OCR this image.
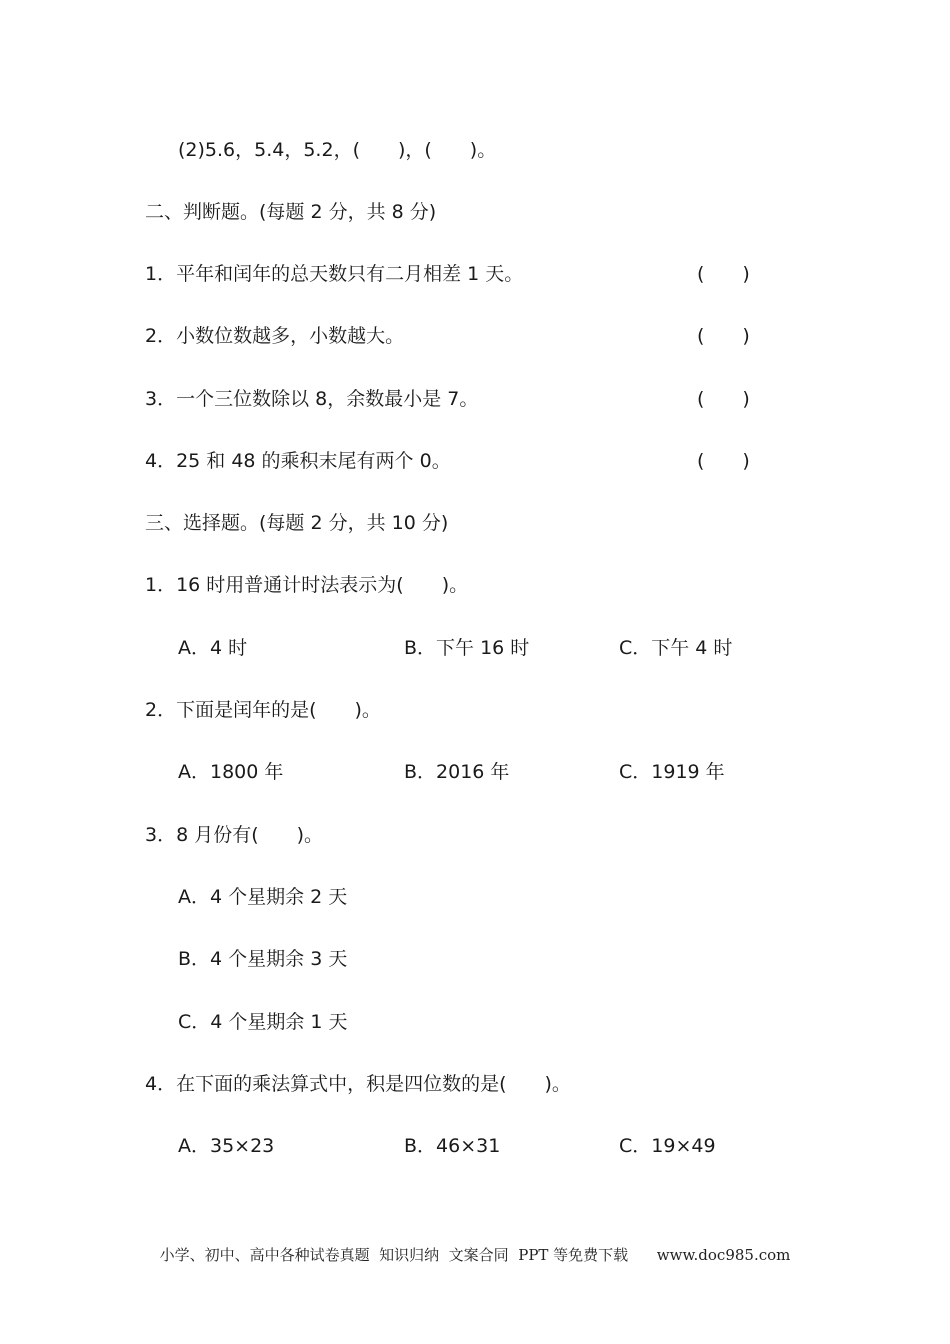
(2)5.6，5.4，5.2，(　　)，(　　)。
二、判断题。(每题 2 分，共 8 分)
1．平年和闰年的总天数只有二月相差 1 天。	(　　)
2．小数位数越多，小数越大。	(　　)
3．一个三位数除以 8，余数最小是 7。	(　　)
4．25 和 48 的乘积末尾有两个 0。	(　　)
三、选择题。(每题 2 分，共 10 分)
1．16 时用普通计时法表示为(　　)。
A．4 时	B．下午 16 时	C．下午 4 时
2．下面是闰年的是(　　)。
A．1800 年	B．2016 年	C．1919 年
3．8 月份有(　　)。
A．4 个星期余 2 天
B．4 个星期余 3 天
C．4 个星期余 1 天
4．在下面的乘法算式中，积是四位数的是(　　)。
A．35×23	B．46×31	C．19×49
小学、初中、高中各种试卷真题  知识归纳  文案合同  PPT 等免费下载      www.doc985.com
